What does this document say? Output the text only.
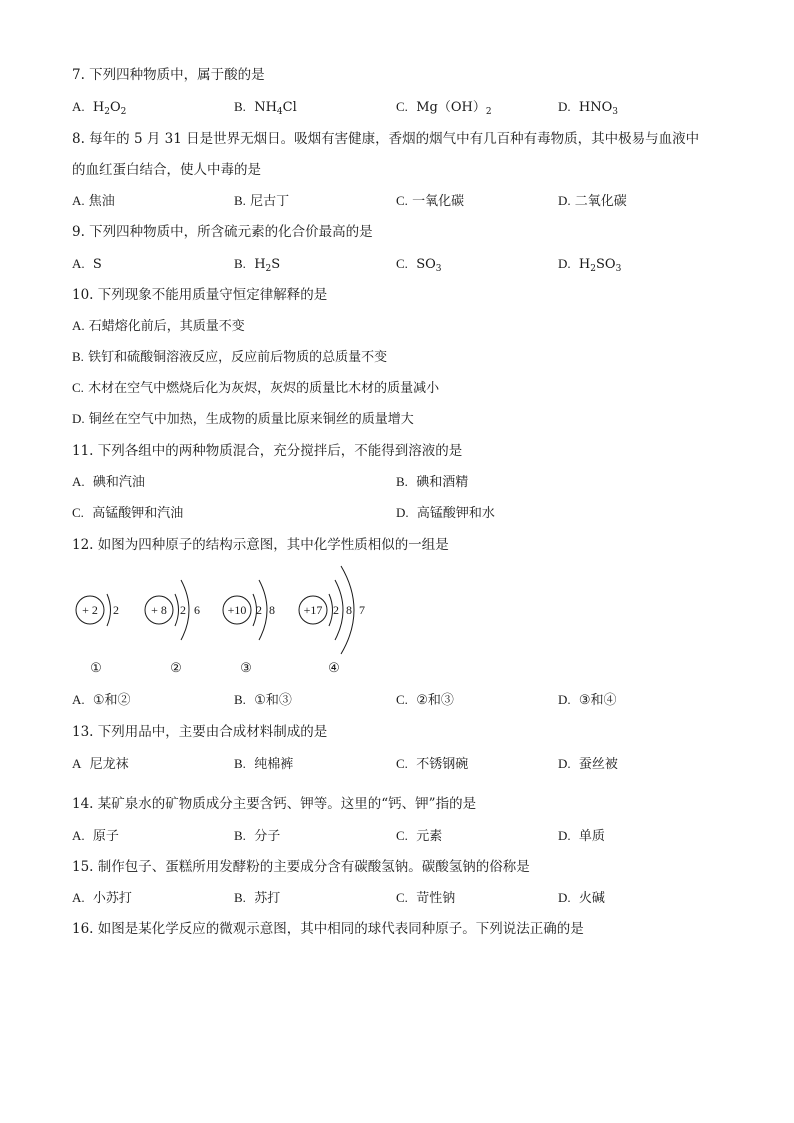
7. 下列四种物质中，属于酸的是
A. $H_2O_2$	B. $NH_4Cl$	C. $Mg(OH)_2$	D. $HNO_3$
8. 每年的 5 月 31 日是世界无烟日。吸烟有害健康，香烟的烟气中有几百种有毒物质，其中极易与血液中
的血红蛋白结合，使人中毒的是
A. 焦油	B. 尼古丁	C. 一氧化碳	D. 二氧化碳
9. 下列四种物质中，所含硫元素的化合价最高的是
A. S	B. $H_2S$	C. $SO_3$	D. $H_2SO_3$
10. 下列现象不能用质量守恒定律解释的是
A. 石蜡熔化前后，其质量不变
B. 铁钉和硫酸铜溶液反应，反应前后物质的总质量不变
C. 木材在空气中燃烧后化为灰烬，灰烬的质量比木材的质量减小
D. 铜丝在空气中加热，生成物的质量比原来铜丝的质量增大
11. 下列各组中的两种物质混合，充分搅拌后，不能得到溶液的是
A. 碘和汽油	B. 碘和酒精
C. 高锰酸钾和汽油	D. 高锰酸钾和水
12. 如图为四种原子的结构示意图，其中化学性质相似的一组是
+ 2 2	+ 8 2 6 +10 2 8 +17 2 8 7
①	②	③	④
A. ①和②	B. ①和③	C. ②和③	D. ③和④
13. 下列用品中，主要由合成材料制成的是
A 尼龙袜	B. 纯棉裤	C. 不锈钢碗	D. 蚕丝被
14. 某矿泉水的矿物质成分主要含钙、钾等。这里的“钙、钾”指的是
A. 原子	B. 分子	C. 元素	D. 单质
15. 制作包子、蛋糕所用发酵粉的主要成分含有碳酸氢钠。碳酸氢钠的俗称是
A. 小苏打	B. 苏打	C. 苛性钠	D. 火碱
16. 如图是某化学反应的微观示意图，其中相同的球代表同种原子。下列说法正确的是
